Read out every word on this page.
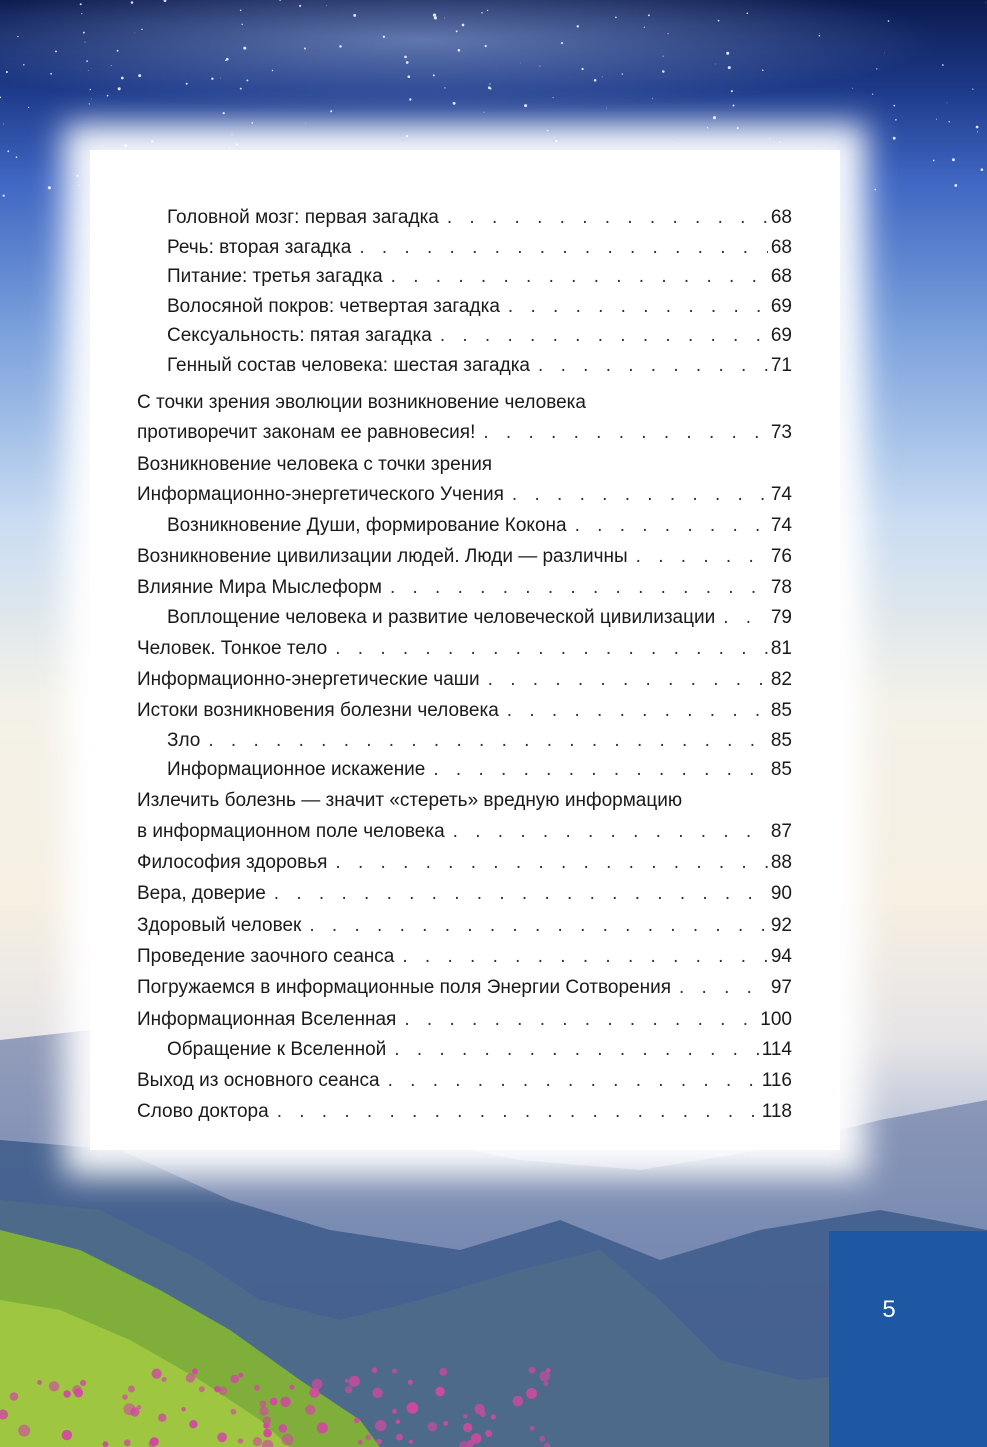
Головной мозг: первая загадка . . .	68
Речь: вторая загадка . . .	68
Питание: третья загадка . . .	68
Волосяной покров: четвертая загадка . . .	69
Сексуальность: пятая загадка . . .	69
Генный состав человека: шестая загадка . . .	71
С точки зрения эволюции возникновение человека
противоречит законам ее равновесия! . . .	73
Возникновение человека с точки зрения
Информационно-энергетического Учения . . .	74
Возникновение Души, формирование Кокона . . .	74
Возникновение цивилизации людей. Люди — различны . . .	76
Влияние Мира Мыслеформ . . .	78
Воплощение человека и развитие человеческой цивилизации . . .	79
Человек. Тонкое тело . . .	81
Информационно-энергетические чаши . . .	82
Истоки возникновения болезни человека . . .	85
Зло . . .	85
Информационное искажение . . .	85
Излечить болезнь — значит «стереть» вредную информацию
в информационном поле человека . . .	87
Философия здоровья . . .	88
Вера, доверие . . .	90
Здоровый человек . . .	92
Проведение заочного сеанса . . .	94
Погружаемся в информационные поля Энергии Сотворения . . .	97
Информационная Вселенная . . .	100
Обращение к Вселенной . . .	114
Выход из основного сеанса . . .	116
Слово доктора . . .	118
5
